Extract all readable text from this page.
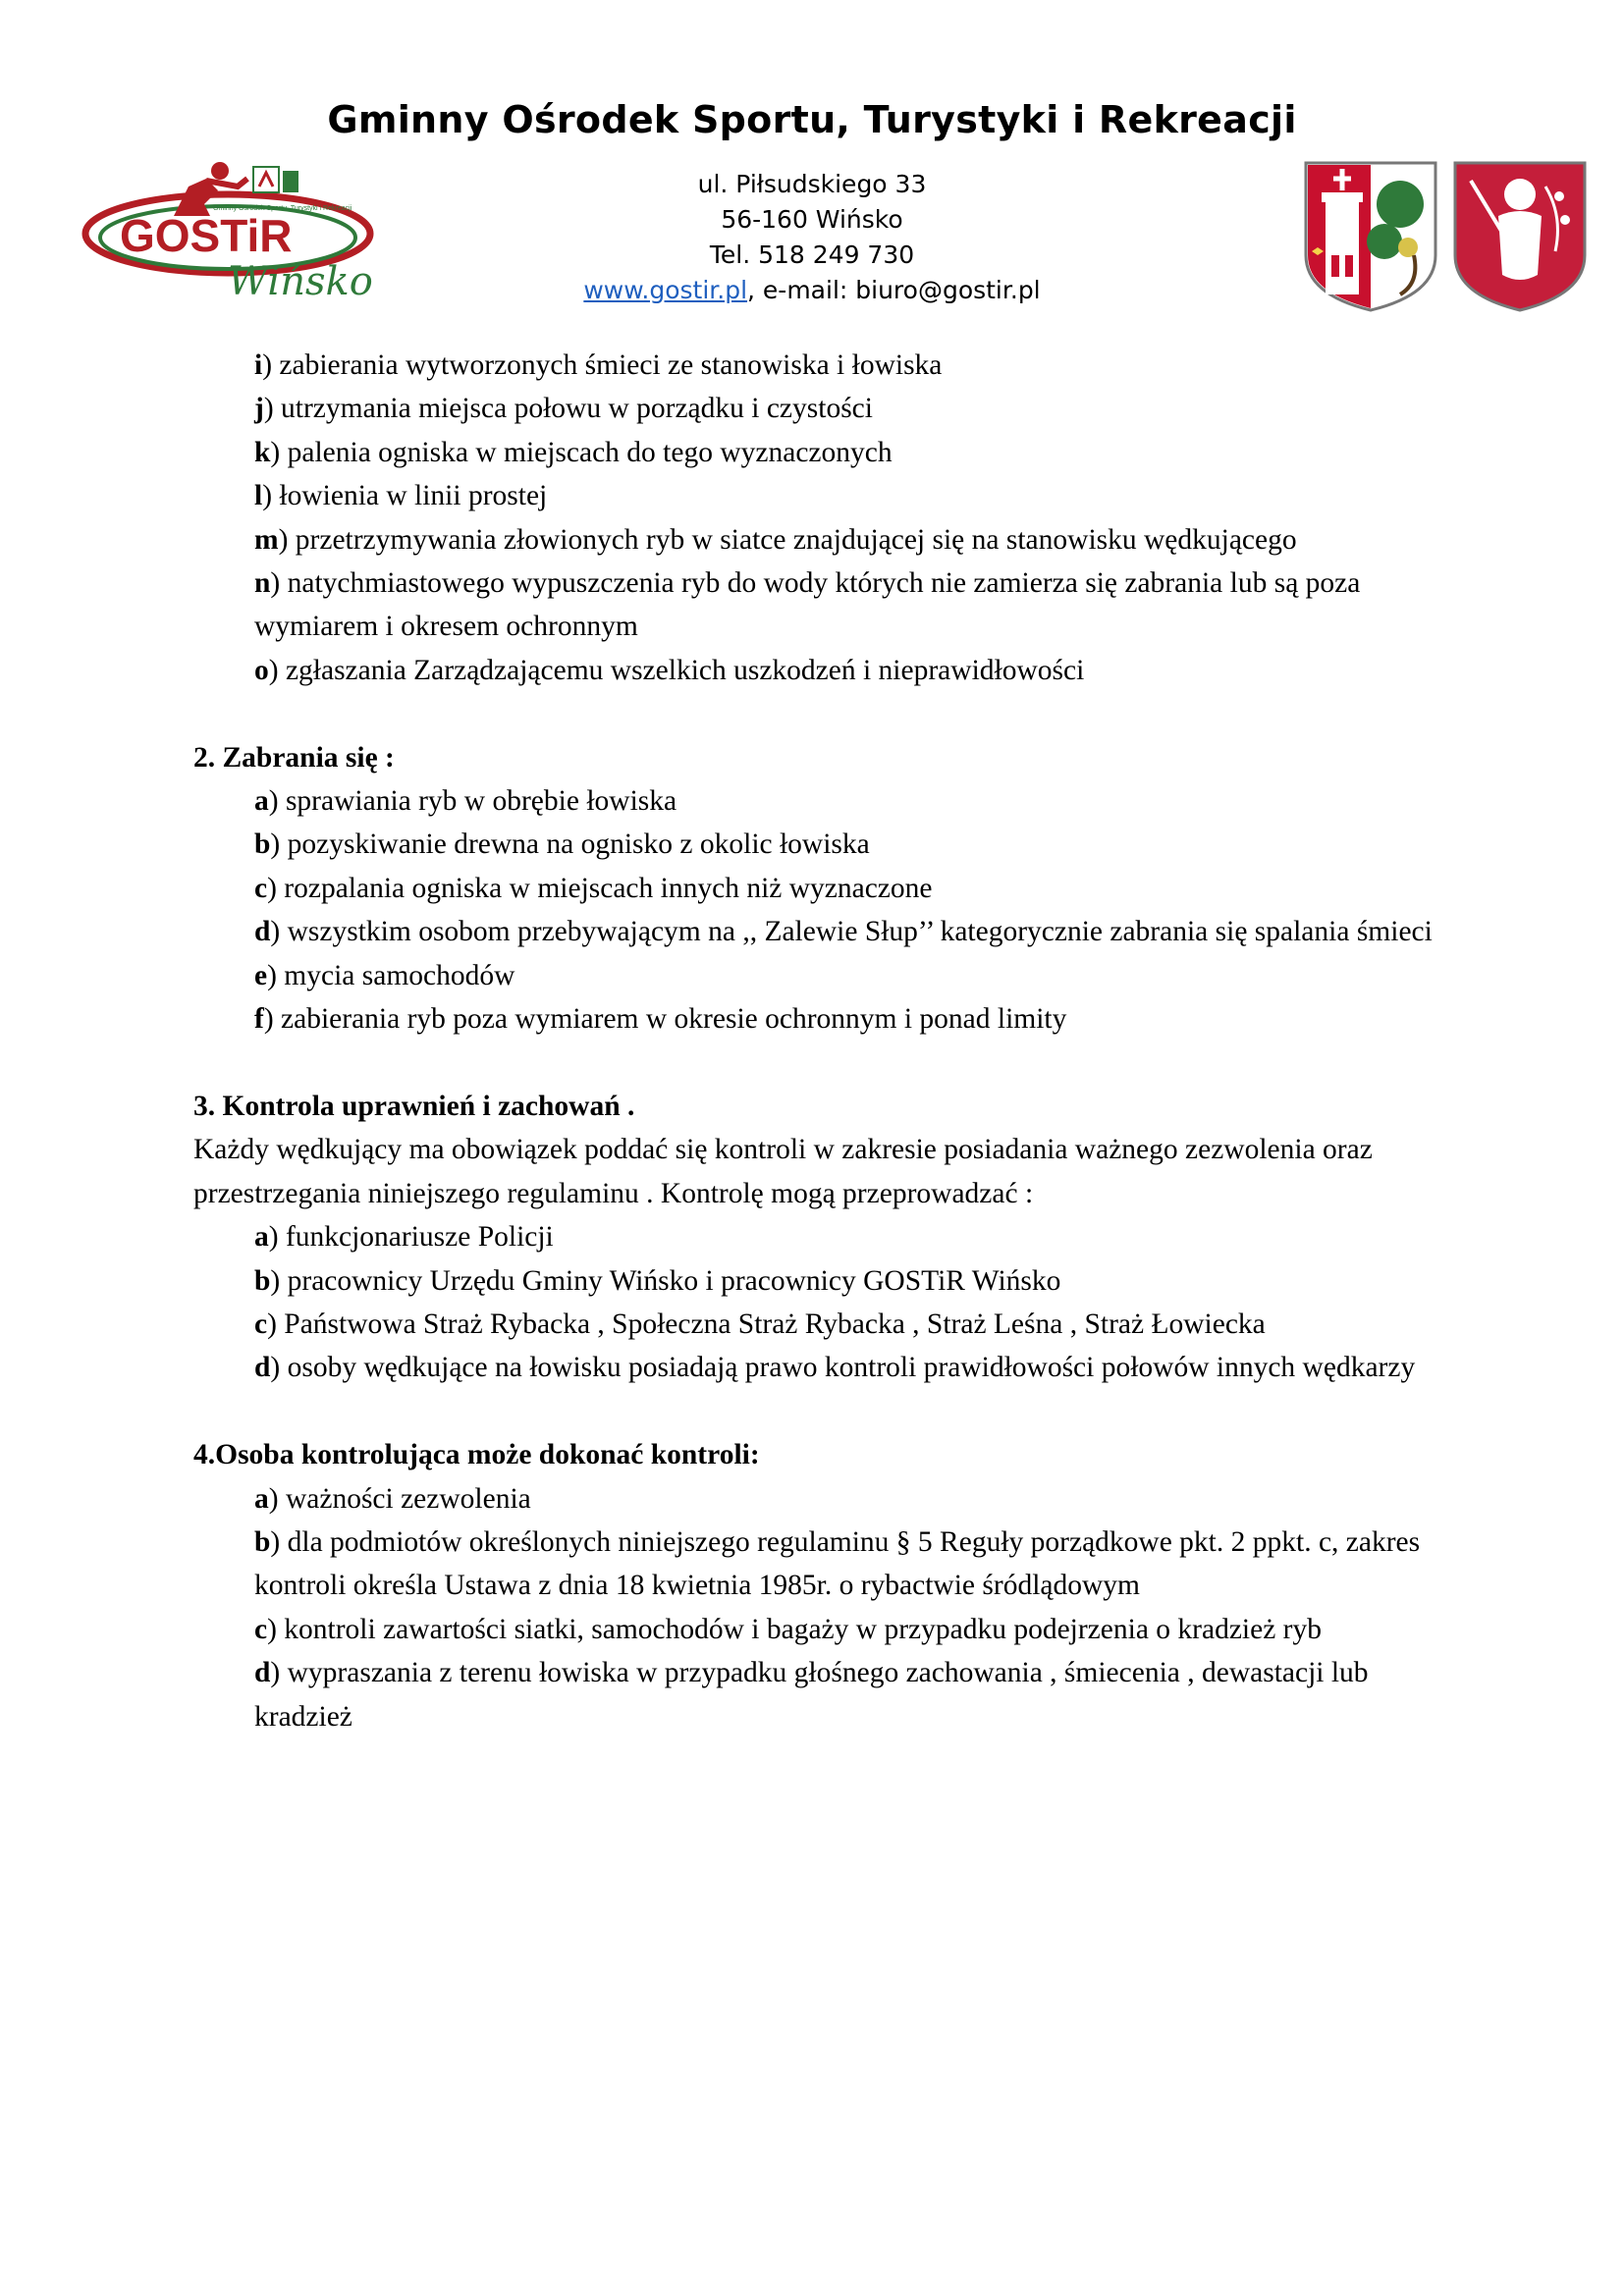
Gminny Ośrodek Sportu, Turystyki i Rekreacji
ul. Piłsudskiego 33
56-160 Wińsko
Tel. 518 249 730
www.gostir.pl, e-mail: biuro@gostir.pl
GOSTiR
Gminny Ośrodek Sportu, Turystyki i Rekreacji
Wińsko
i) zabierania wytworzonych śmieci ze stanowiska i łowiska
j) utrzymania miejsca połowu w porządku i czystości
k) palenia ogniska w miejscach do tego wyznaczonych
l) łowienia w linii prostej
m) przetrzymywania złowionych ryb w siatce znajdującej się na stanowisku wędkującego
n) natychmiastowego wypuszczenia ryb do wody których nie zamierza się zabrania lub są poza wymiarem i okresem ochronnym
o) zgłaszania Zarządzającemu wszelkich uszkodzeń i nieprawidłowości
2. Zabrania się :
a) sprawiania ryb w obrębie łowiska
b) pozyskiwanie drewna na ognisko z okolic łowiska
c) rozpalania ogniska w miejscach innych niż wyznaczone
d) wszystkim osobom przebywającym na ,, Zalewie Słup’’ kategorycznie zabrania się spalania śmieci
e) mycia samochodów
f) zabierania ryb poza wymiarem w okresie ochronnym i ponad limity
3. Kontrola uprawnień i zachowań .
Każdy wędkujący ma obowiązek poddać się kontroli w zakresie posiadania ważnego zezwolenia oraz przestrzegania niniejszego regulaminu . Kontrolę mogą przeprowadzać :
a) funkcjonariusze Policji
b) pracownicy Urzędu Gminy Wińsko i pracownicy GOSTiR Wińsko
c) Państwowa Straż Rybacka , Społeczna Straż Rybacka , Straż Leśna , Straż Łowiecka
d) osoby wędkujące na łowisku posiadają prawo kontroli prawidłowości połowów innych wędkarzy
4.Osoba kontrolująca może dokonać kontroli:
a) ważności zezwolenia
b) dla podmiotów określonych niniejszego regulaminu § 5 Reguły porządkowe pkt. 2 ppkt. c, zakres kontroli określa Ustawa z dnia 18 kwietnia 1985r. o rybactwie śródlądowym
c) kontroli zawartości siatki, samochodów i bagaży w przypadku podejrzenia o kradzież ryb
d) wypraszania z terenu łowiska w przypadku głośnego zachowania , śmiecenia , dewastacji lub kradzież
